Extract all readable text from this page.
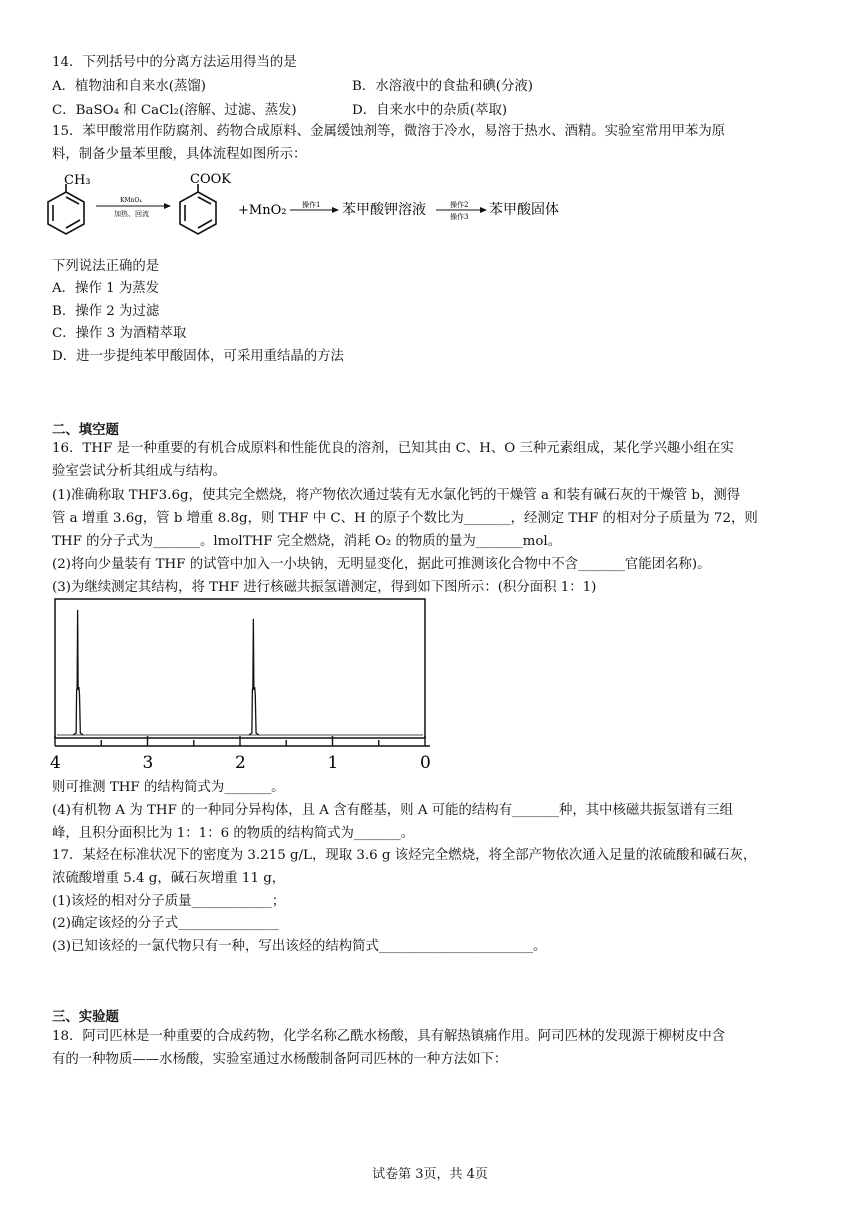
14．下列括号中的分离方法运用得当的是
A．植物油和自来水(蒸馏)	B．水溶液中的食盐和碘(分液)
C．BaSO₄ 和 CaCl₂(溶解、过滤、蒸发)	D．自来水中的杂质(萃取)
15．苯甲酸常用作防腐剂、药物合成原料、金属缓蚀剂等，微溶于冷水，易溶于热水、酒精。实验室常用甲苯为原
料，制备少量苯里酸，具体流程如图所示：
CH₃
KMnO₄
加热、回流
COOK
+MnO₂ 操作1 苯甲酸钾溶液	操作2
操作3 苯甲酸固体
下列说法正确的是
A．操作 1 为蒸发
B．操作 2 为过滤
C．操作 3 为酒精萃取
D．进一步提纯苯甲酸固体，可采用重结晶的方法
二、填空题
16．THF 是一种重要的有机合成原料和性能优良的溶剂，已知其由 C、H、O 三种元素组成，某化学兴趣小组在实
验室尝试分析其组成与结构。
(1)准确称取 THF3.6g，使其完全燃烧，将产物依次通过装有无水氯化钙的干燥管 a 和装有碱石灰的干燥管 b，测得
管 a 增重 3.6g，管 b 增重 8.8g，则 THF 中 C、H 的原子个数比为_______，经测定 THF 的相对分子质量为 72，则
THF 的分子式为_______。lmolTHF 完全燃烧，消耗 O₂ 的物质的量为_______mol。
(2)将向少量装有 THF 的试管中加入一小块钠，无明显变化，据此可推测该化合物中不含_______官能团名称)。
(3)为继续测定其结构，将 THF 进行核磁共振氢谱测定，得到如下图所示：(积分面积 1：1)
4	3	2	1	0
则可推测 THF 的结构简式为_______。
(4)有机物 A 为 THF 的一种同分异构体，且 A 含有醛基，则 A 可能的结构有_______种，其中核磁共振氢谱有三组
峰，且积分面积比为 1：1：6 的物质的结构简式为_______。
17．某烃在标准状况下的密度为 3.215 g/L，现取 3.6 g 该烃完全燃烧，将全部产物依次通入足量的浓硫酸和碱石灰，
浓硫酸增重 5.4 g，碱石灰增重 11 g，
(1)该烃的相对分子质量____________；
(2)确定该烃的分子式_______________
(3)已知该烃的一氯代物只有一种，写出该烃的结构简式_______________________。
三、实验题
18．阿司匹林是一种重要的合成药物，化学名称乙酰水杨酸，具有解热镇痛作用。阿司匹林的发现源于柳树皮中含
有的一种物质——水杨酸，实验室通过水杨酸制备阿司匹林的一种方法如下：
试卷第 3页，共 4页
